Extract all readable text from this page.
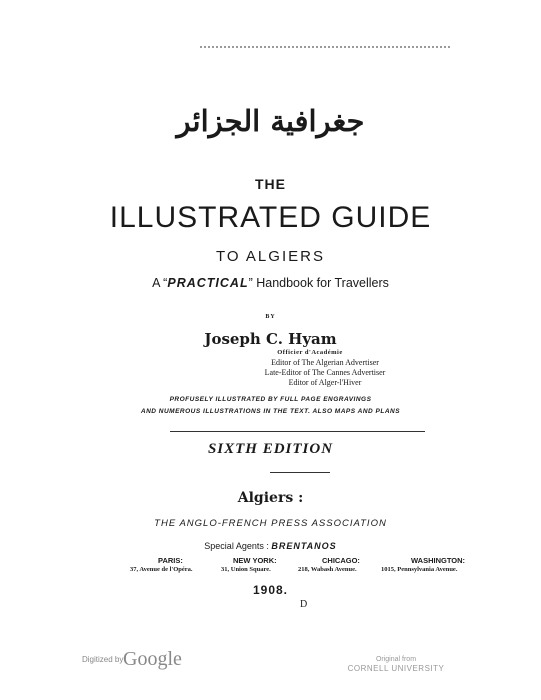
جغرافية الجزائر
THE
ILLUSTRATED GUIDE
TO ALGIERS
A “PRACTICAL” Handbook for Travellers
BY
Joseph C. Hyam
Officier d'Académie
Editor of The Algerian Advertiser
Late-Editor of The Cannes Advertiser
Editor of Alger-l'Hiver
PROFUSELY ILLUSTRATED BY FULL PAGE ENGRAVINGS
AND NUMEROUS ILLUSTRATIONS IN THE TEXT. ALSO MAPS AND PLANS
SIXTH EDITION
Algiers :
THE ANGLO-FRENCH PRESS ASSOCIATION
Special Agents : BRENTANOS
PARIS:	NEW YORK:	CHICAGO:	WASHINGTON:
37, Avenue de l'Opéra.	31, Union Square.	218, Wabash Avenue.	1015, Pennsylvania Avenue.
1908.
D
Digitized by Google	Original from
CORNELL UNIVERSITY
